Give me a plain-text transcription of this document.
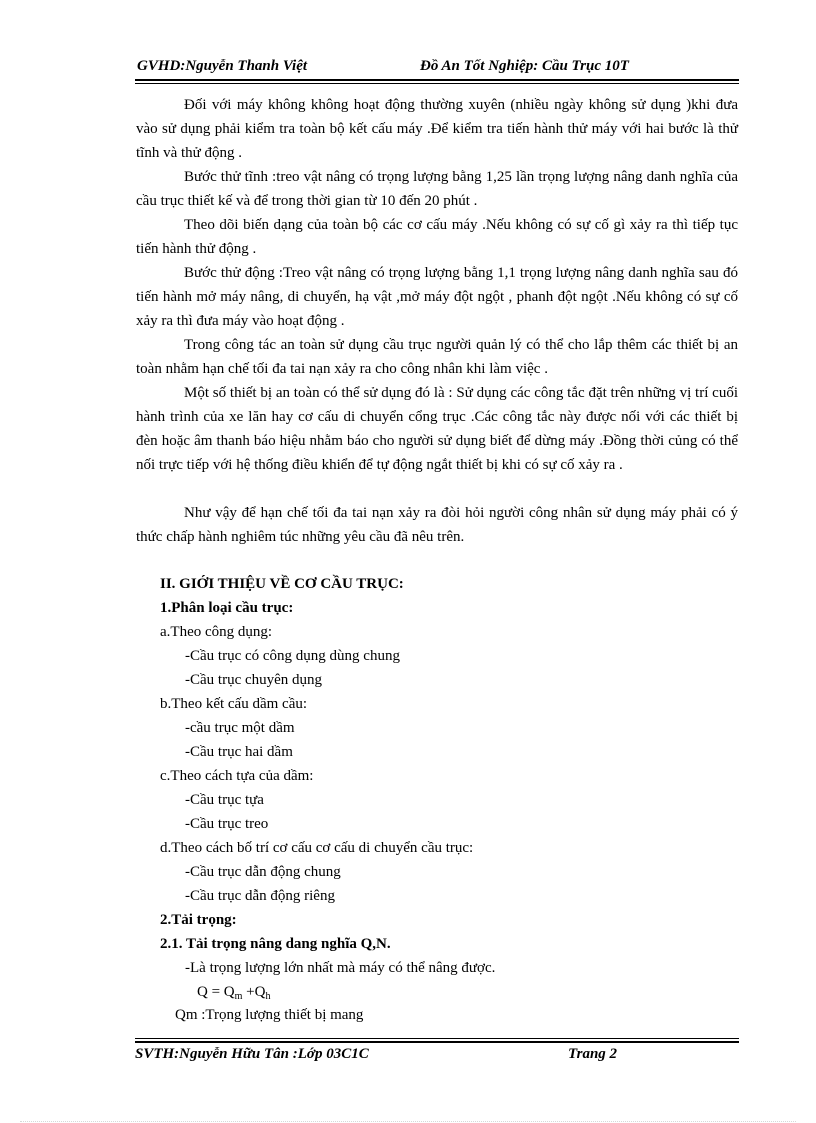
GVHD:Nguyễn Thanh Việt	Đồ An Tốt Nghiệp: Cầu Trục 10T

Đối với máy không không hoạt động thường xuyên (nhiều ngày không sử dụng )khi đưa vào sử dụng phải kiểm tra toàn bộ kết cấu máy .Để kiểm tra tiến hành thử máy với hai bước là thử tĩnh và thử động .

Bước thử tĩnh :treo vật nâng có trọng lượng bằng 1,25 lần trọng lượng nâng danh nghĩa của cầu trục thiết kế và để trong thời gian từ 10 đến 20 phút .

Theo dõi biến dạng của toàn bộ các cơ cấu máy .Nếu không có sự cố gì xảy ra thì tiếp tục tiến hành thử động .

Bước thử động :Treo vật nâng có trọng lượng bằng 1,1 trọng lượng nâng danh nghĩa sau đó tiến hành mở máy nâng, di chuyển, hạ vật ,mở máy đột ngột , phanh đột ngột .Nếu không có sự cố xảy ra thì đưa máy vào hoạt động .

Trong công tác an toàn sử dụng cầu trục người quản lý có thể cho lắp thêm các thiết bị an toàn nhằm hạn chế tối đa tai nạn xảy ra cho công nhân khi làm việc .

Một số thiết bị an toàn có thể sử dụng đó là : Sử dụng các công tắc đặt trên những vị trí cuối hành trình của xe lăn hay cơ cấu di chuyển cổng trục .Các công tắc này được nối với các thiết bị đèn hoặc âm thanh báo hiệu nhằm báo cho người sử dụng biết để dừng máy .Đồng thời củng có thể nối trực tiếp với hệ thống điều khiển để tự động ngắt thiết bị khi có sự cố xảy ra .

Như vậy để hạn chế tối đa tai nạn xảy ra đòi hỏi người công nhân sử dụng máy phải có ý thức chấp hành nghiêm túc những yêu cầu đã nêu trên.

II. GIỚI THIỆU VỀ CƠ CẦU TRỤC:
1.Phân loại cầu trục:
a.Theo công dụng:
-Cầu trục có công dụng dùng chung
-Cầu trục chuyên dụng
b.Theo kết cấu dầm cầu:
-cầu trục một dầm
-Cầu trục hai dầm
c.Theo cách tựa của dầm:
-Cầu trục tựa
-Cầu trục treo
d.Theo cách bố trí cơ cấu cơ cấu di chuyển cầu trục:
-Cầu trục dẫn động chung
-Cầu trục dẫn động riêng
2.Tải trọng:
2.1. Tải trọng nâng dang nghĩa Q,N.
-Là trọng lượng lớn nhất mà máy có thể nâng được.
$Q = Q_m +Q_h$
Qm :Trọng lượng thiết bị mang
SVTH:Nguyễn Hữu Tân :Lớp 03C1C	Trang 2
